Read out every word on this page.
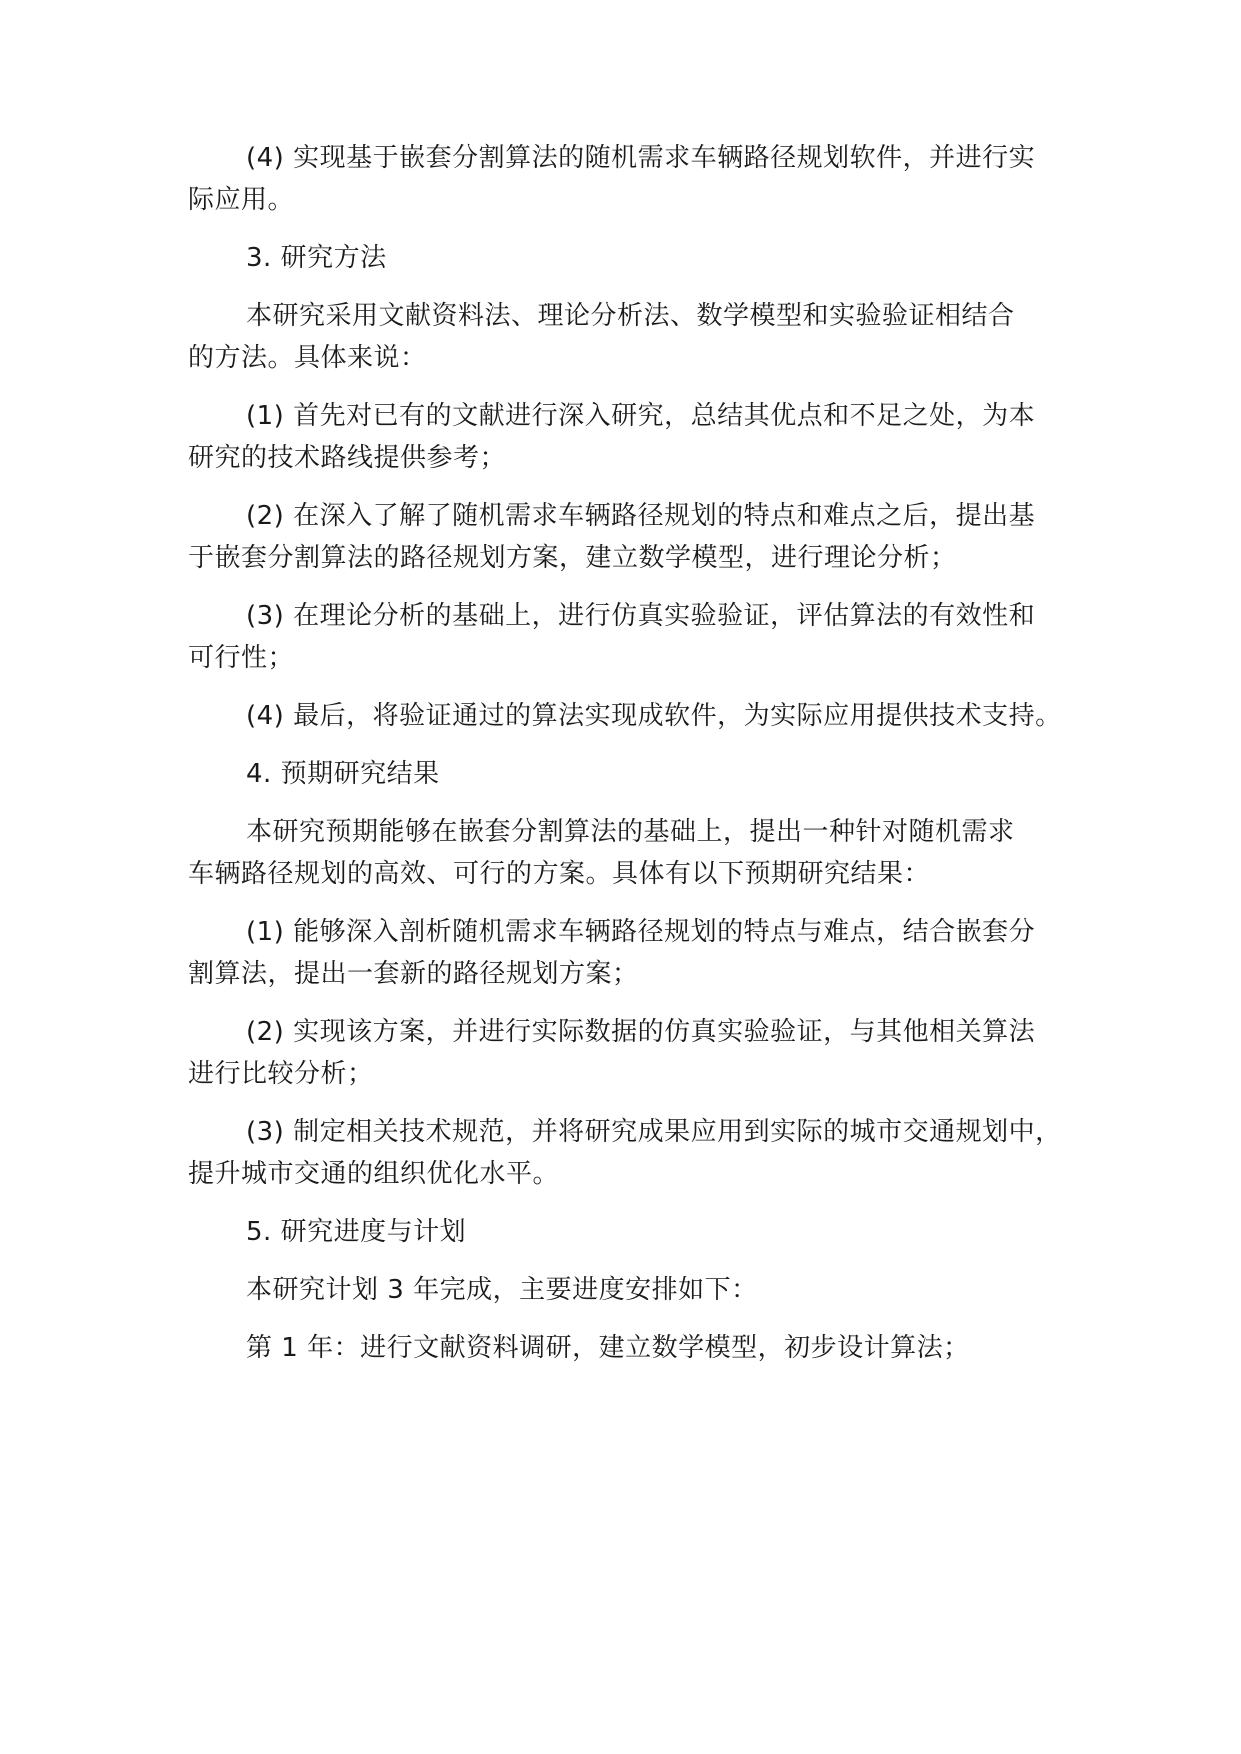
(4) 实现基于嵌套分割算法的随机需求车辆路径规划软件，并进行实
际应用。
3. 研究方法
本研究采用文献资料法、理论分析法、数学模型和实验验证相结合
的方法。具体来说：
(1) 首先对已有的文献进行深入研究，总结其优点和不足之处，为本
研究的技术路线提供参考；
(2) 在深入了解了随机需求车辆路径规划的特点和难点之后，提出基
于嵌套分割算法的路径规划方案，建立数学模型，进行理论分析；
(3) 在理论分析的基础上，进行仿真实验验证，评估算法的有效性和
可行性；
(4) 最后，将验证通过的算法实现成软件，为实际应用提供技术支持。
4. 预期研究结果
本研究预期能够在嵌套分割算法的基础上，提出一种针对随机需求
车辆路径规划的高效、可行的方案。具体有以下预期研究结果：
(1) 能够深入剖析随机需求车辆路径规划的特点与难点，结合嵌套分
割算法，提出一套新的路径规划方案；
(2) 实现该方案，并进行实际数据的仿真实验验证，与其他相关算法
进行比较分析；
(3) 制定相关技术规范，并将研究成果应用到实际的城市交通规划中，
提升城市交通的组织优化水平。
5. 研究进度与计划
本研究计划 3 年完成，主要进度安排如下：
第 1 年：进行文献资料调研，建立数学模型，初步设计算法；
